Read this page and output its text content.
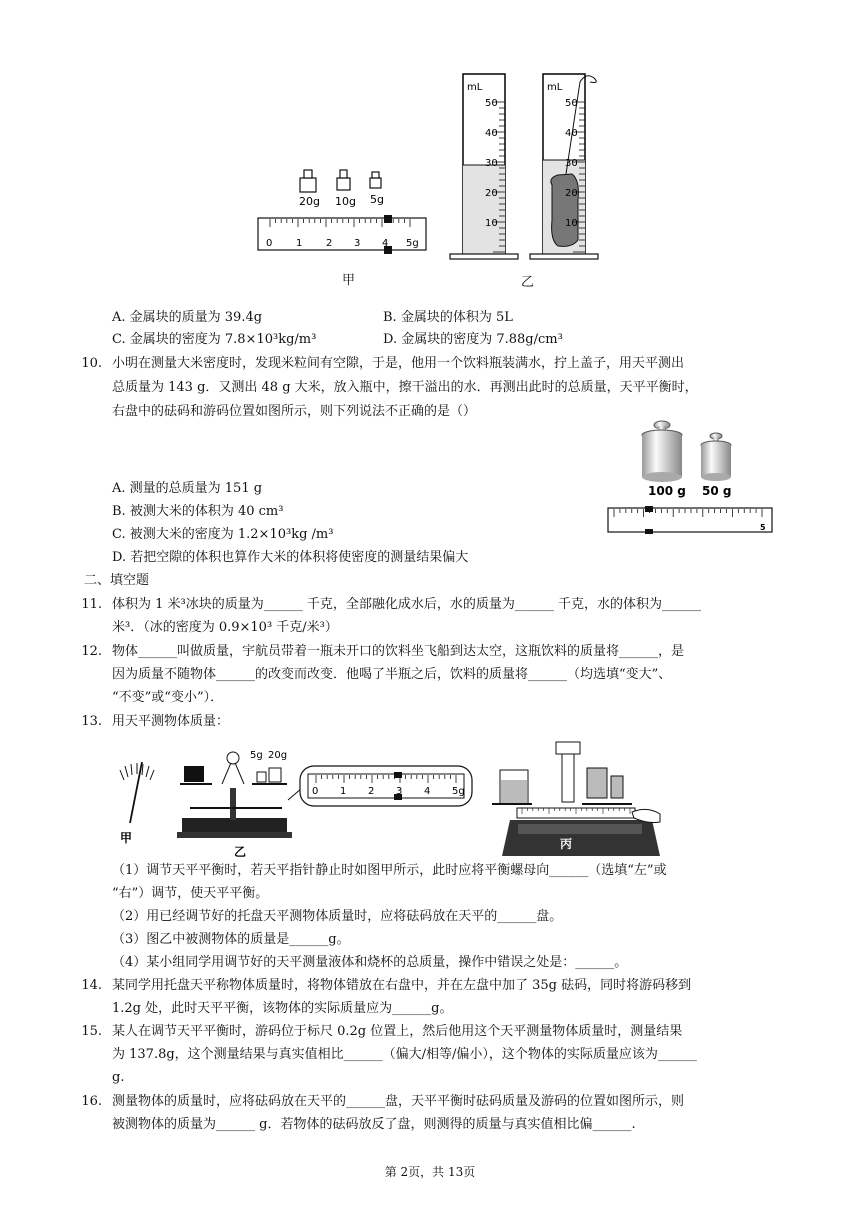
20g 10g 5g
0 1 2 3 4 5g
mL	mL
50
40
30
20
10
50
40
30
20
10
甲	乙
A. 金属块的质量为 39.4g	B. 金属块的体积为 5L
C. 金属块的密度为 7.8×10³kg/m³	D. 金属块的密度为 7.88g/cm³
10. 小明在测量大米密度时，发现米粒间有空隙，于是，他用一个饮料瓶装满水，拧上盖子，用天平测出
总质量为 143 g．又测出 48 g 大米，放入瓶中，擦干溢出的水．再测出此时的总质量，天平平衡时，
右盘中的砝码和游码位置如图所示，则下列说法不正确的是（）
100 g 50 g
5
A. 测量的总质量为 151 g
B. 被测大米的体积为 40 cm³
C. 被测大米的密度为 1.2×10³kg /m³
D. 若把空隙的体积也算作大米的体积将使密度的测量结果偏大
二、填空题
11. 体积为 1 米³冰块的质量为______ 千克，全部融化成水后，水的质量为______ 千克，水的体积为______
米³．（冰的密度为 0.9×10³ 千克/米³）
12. 物体______叫做质量，宇航员带着一瓶未开口的饮料坐飞船到达太空，这瓶饮料的质量将______，是
因为质量不随物体______的改变而改变．他喝了半瓶之后，饮料的质量将______（均选填“变大”、
“不变”或“变小”）．
13. 用天平测物体质量：
甲
5g 20g
乙
0 1 2 3 4 5g
丙
（1）调节天平平衡时，若天平指针静止时如图甲所示，此时应将平衡螺母向______（选填“左”或
“右”）调节，使天平平衡。
（2）用已经调节好的托盘天平测物体质量时，应将砝码放在天平的______盘。
（3）图乙中被测物体的质量是______g。
（4）某小组同学用调节好的天平测量液体和烧杯的总质量，操作中错误之处是：______。
14. 某同学用托盘天平称物体质量时，将物体错放在右盘中，并在左盘中加了 35g 砝码，同时将游码移到
1.2g 处，此时天平平衡，该物体的实际质量应为______g。
15. 某人在调节天平平衡时，游码位于标尺 0.2g 位置上，然后他用这个天平测量物体质量时，测量结果
为 137.8g，这个测量结果与真实值相比______（偏大/相等/偏小），这个物体的实际质量应该为______
g.
16. 测量物体的质量时，应将砝码放在天平的______盘，天平平衡时砝码质量及游码的位置如图所示，则
被测物体的质量为______ g．若物体的砝码放反了盘，则测得的质量与真实值相比偏______.
第 2页，共 13页
